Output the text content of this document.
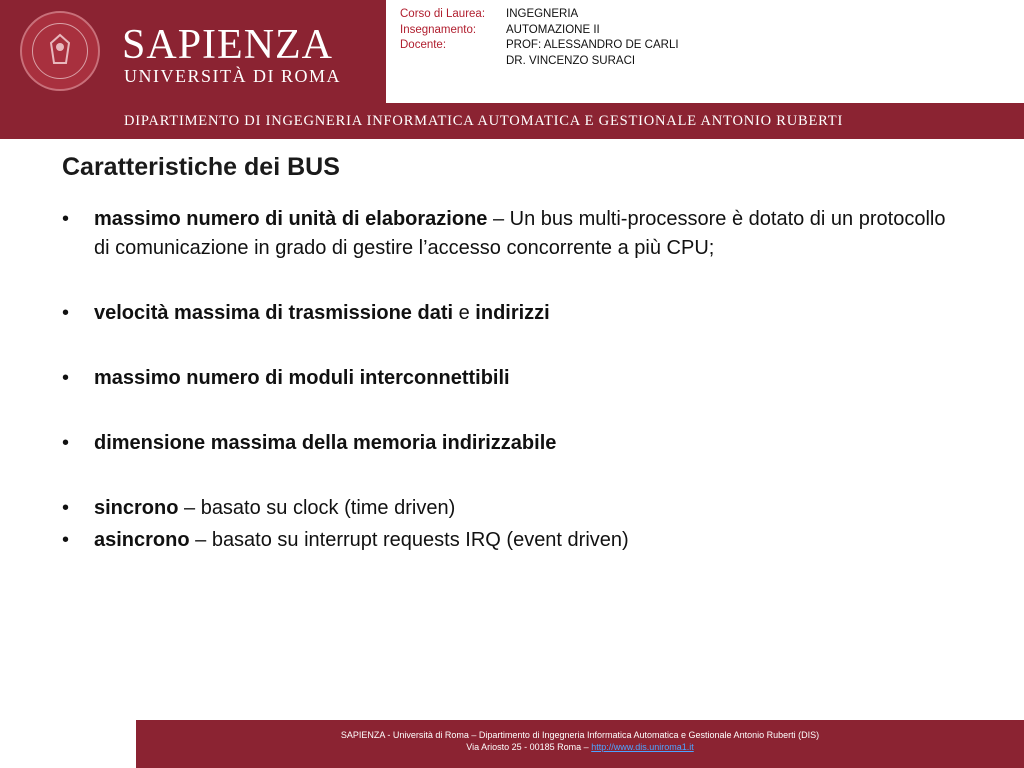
SAPIENZA
UNIVERSITÀ DI ROMA
Corso di Laurea:	INGEGNERIA
Insegnamento:	AUTOMAZIONE II
Docente:	PROF: ALESSANDRO DE CARLI
DR. VINCENZO SURACI
DIPARTIMENTO DI INGEGNERIA INFORMATICA AUTOMATICA E GESTIONALE ANTONIO RUBERTI
Caratteristiche dei BUS
• massimo numero di unità di elaborazione – Un bus multi-processore è dotato di un protocollo di comunicazione in grado di gestire l’accesso concorrente a più CPU;
• velocità massima di trasmissione dati e indirizzi
• massimo numero di moduli interconnettibili
• dimensione massima della memoria indirizzabile
• sincrono – basato su clock (time driven)
• asincrono – basato su interrupt requests IRQ (event driven)
SAPIENZA - Università di Roma – Dipartimento di Ingegneria Informatica Automatica e Gestionale Antonio Ruberti (DIS)
Via Ariosto 25 - 00185 Roma – http://www.dis.uniroma1.it
